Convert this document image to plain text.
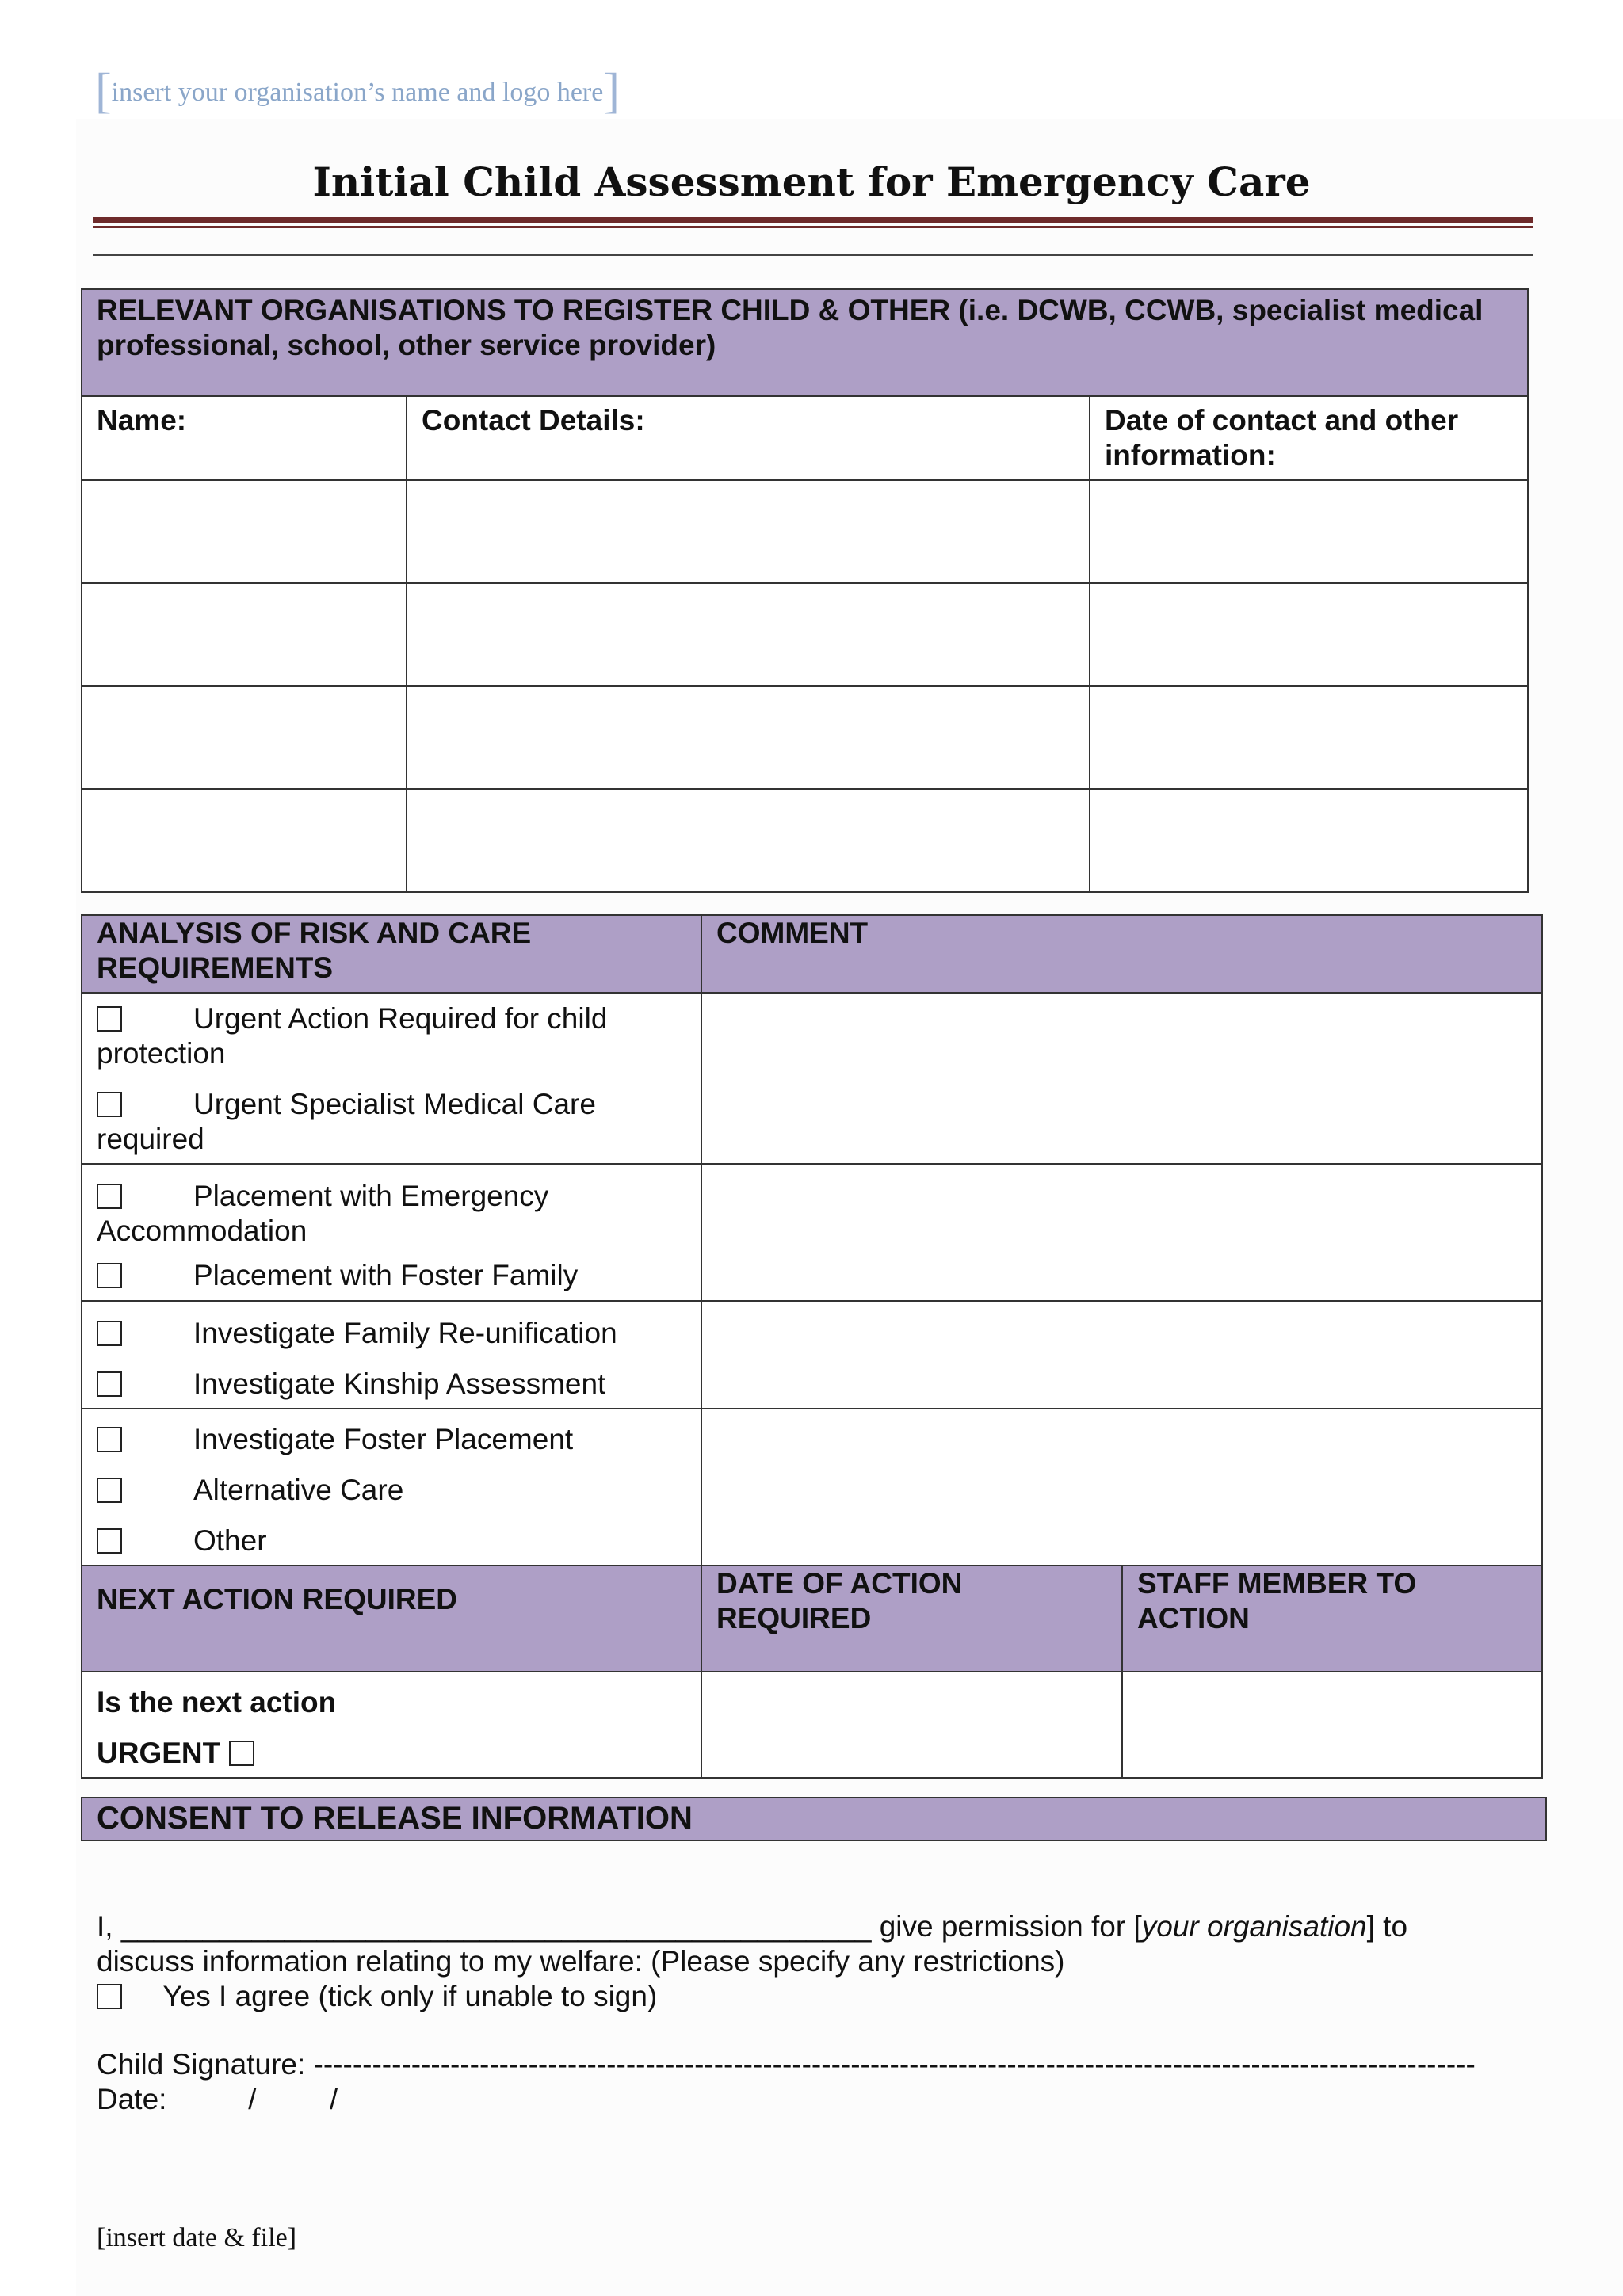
[insert your organisation’s name and logo here]
Initial Child Assessment for Emergency Care
RELEVANT ORGANISATIONS TO REGISTER CHILD & OTHER (i.e. DCWB, CCWB, specialist medical professional, school, other service provider)		
Name:	Contact Details:	Date of contact and other information:

ANALYSIS OF RISK AND CARE REQUIREMENTS	COMMENT	

Urgent Action Required for child protection
Urgent Specialist Medical Care required		

Placement with Emergency Accommodation
Placement with Foster Family		

Investigate Family Re-unification
Investigate Kinship Assessment		

Investigate Foster Placement
Alternative Care
Other		

NEXT ACTION REQUIRED	DATE OF ACTION REQUIRED	STAFF MEMBER TO ACTION

Is the next action
URGENT		

CONSENT TO RELEASE INFORMATION
I, ______________________________________________ give permission for [your organisation] to
discuss information relating to my welfare: (Please specify any restrictions)
Yes I agree (tick only if unable to sign)
Child Signature: -----------------------------------------------------------------------------------------------------------------------
Date:          /         /
[insert date & file]
